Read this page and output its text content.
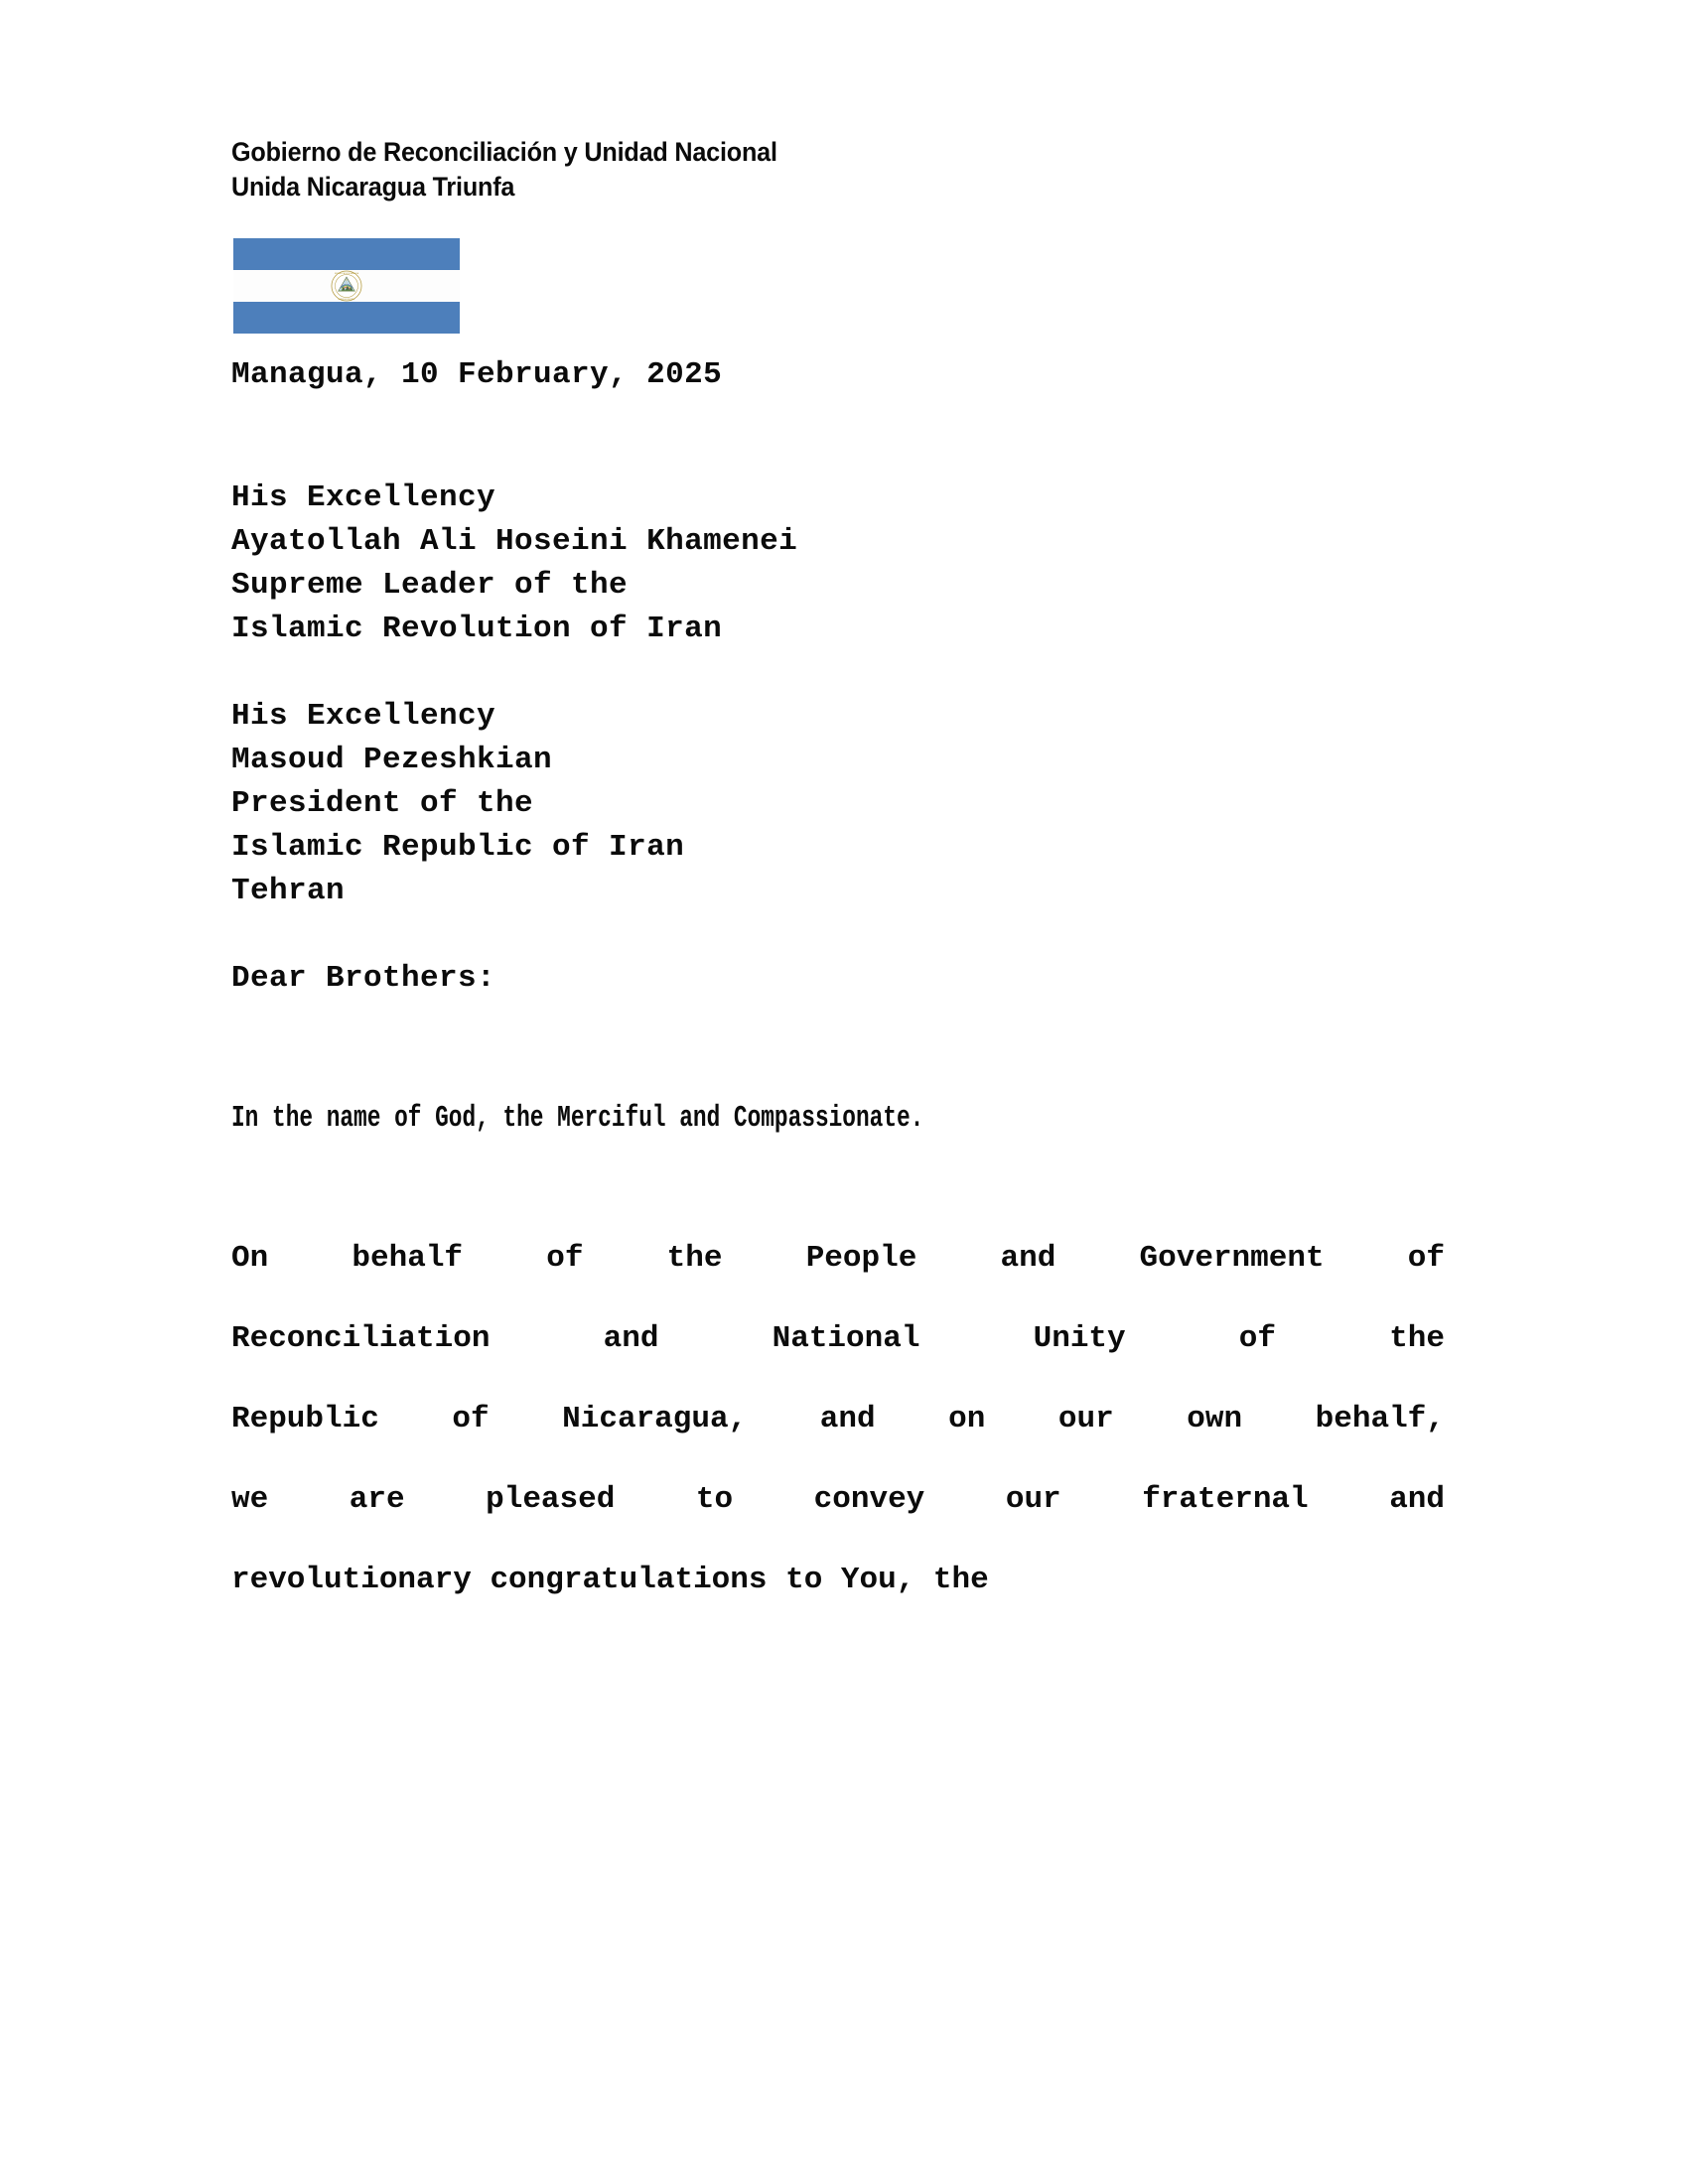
Gobierno de Reconciliación y Unidad Nacional
Unida Nicaragua Triunfa
REPUBLICA DE NICARAGUA
AMERICA CENTRAL
Managua, 10 February, 2025
His Excellency
Ayatollah Ali Hoseini Khamenei
Supreme Leader of the
Islamic Revolution of Iran
His Excellency
Masoud Pezeshkian
President of the
Islamic Republic of Iran
Tehran
Dear Brothers:
In the name of God, the Merciful and Compassionate.
On	behalf	of	the	People	and	Government	of
Reconciliation	and	National	Unity	of	the
Republic of Nicaragua, and on our own behalf,
we	are	pleased	to	convey	our	fraternal	and
revolutionary congratulations to You, the
